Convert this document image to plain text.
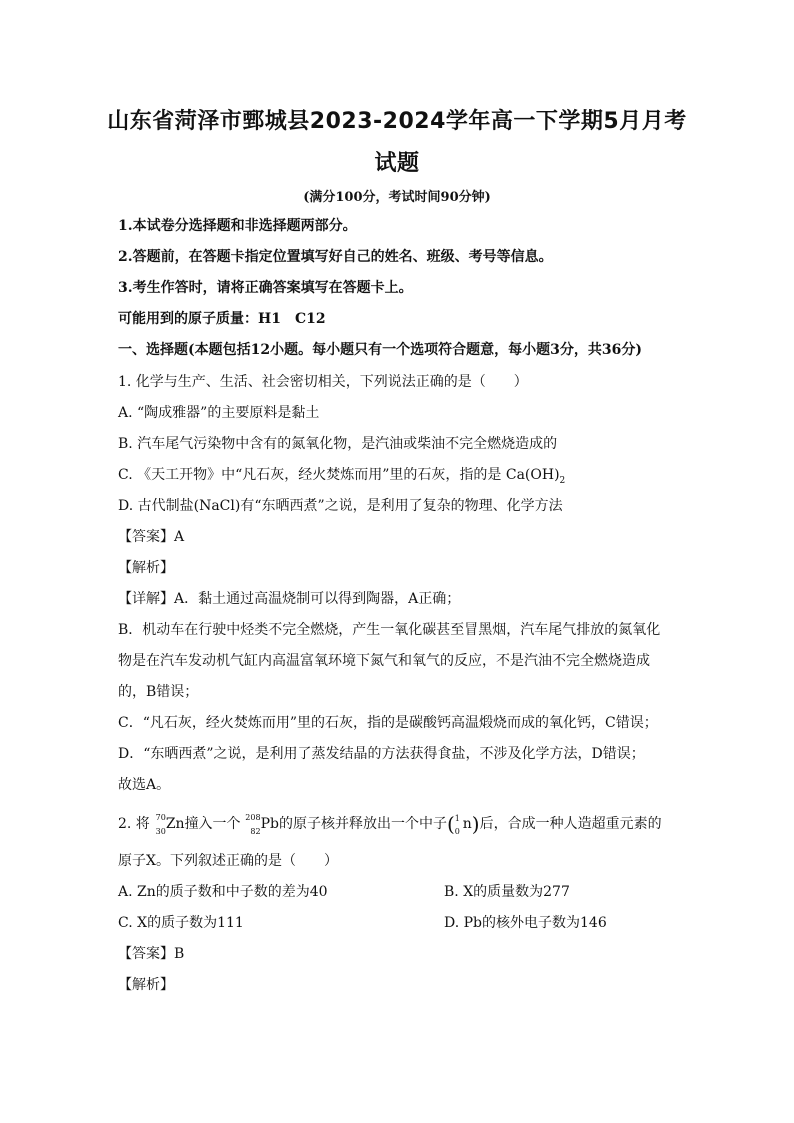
山东省菏泽市鄄城县2023-2024学年高一下学期5月月考
试题
(满分100分，考试时间90分钟)
1.本试卷分选择题和非选择题两部分。
2.答题前，在答题卡指定位置填写好自己的姓名、班级、考号等信息。
3.考生作答时，请将正确答案填写在答题卡上。
可能用到的原子质量：H1　C12
一、选择题(本题包括12小题。每小题只有一个选项符合题意，每小题3分，共36分)
1. 化学与生产、生活、社会密切相关，下列说法正确的是（　　）
A. “陶成雅器”的主要原料是黏土
B. 汽车尾气污染物中含有的氮氧化物，是汽油或柴油不完全燃烧造成的
C. 《天工开物》中“凡石灰，经火焚炼而用”里的石灰，指的是 $Ca(OH)_2$
D. 古代制盐(NaCl)有“东晒西煮”之说，是利用了复杂的物理、化学方法
【答案】A
【解析】
【详解】A．黏土通过高温烧制可以得到陶器，A正确；
B．机动车在行驶中烃类不完全燃烧，产生一氧化碳甚至冒黑烟，汽车尾气排放的氮氧化
物是在汽车发动机气缸内高温富氧环境下氮气和氧气的反应，不是汽油不完全燃烧造成
的，B错误；
C．“凡石灰，经火焚炼而用”里的石灰，指的是碳酸钙高温煅烧而成的氧化钙，C错误；
D．“东晒西煮”之说，是利用了蒸发结晶的方法获得食盐，不涉及化学方法，D错误；
故选A。
2. 将 70
30 Zn撞入一个 208
82 Pb的原子核并释放出一个中子( 1
0 n)后，合成一种人造超重元素的
原子X。下列叙述正确的是（　　）
A. Zn的质子数和中子数的差为40	B. X的质量数为277
C. X的质子数为111	D. Pb的核外电子数为146
【答案】B
【解析】
